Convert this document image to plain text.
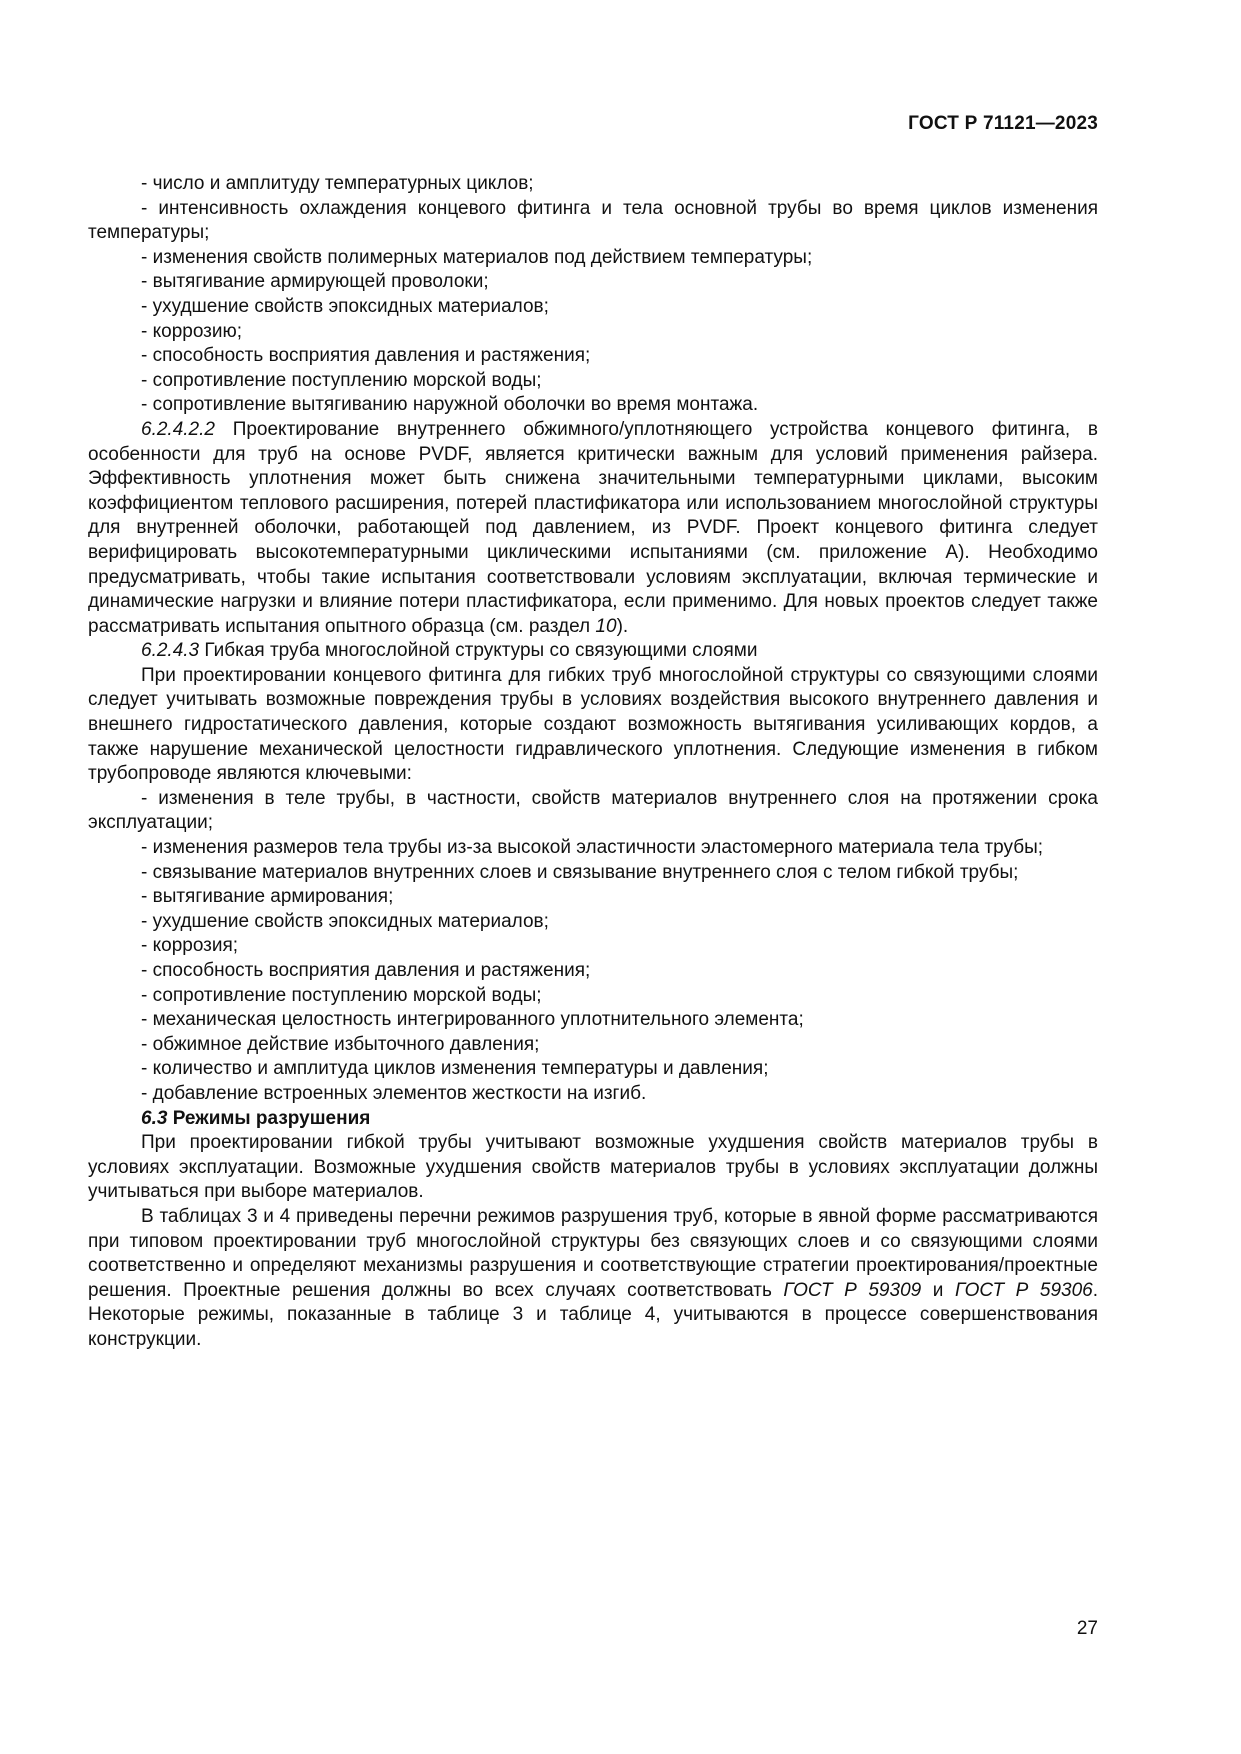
ГОСТ Р 71121—2023

- число и амплитуду температурных циклов;

- интенсивность охлаждения концевого фитинга и тела основной трубы во время циклов изменения температуры;

- изменения свойств полимерных материалов под действием температуры;

- вытягивание армирующей проволоки;

- ухудшение свойств эпоксидных материалов;

- коррозию;

- способность восприятия давления и растяжения;

- сопротивление поступлению морской воды;

- сопротивление вытягиванию наружной оболочки во время монтажа.

6.2.4.2.2 Проектирование внутреннего обжимного/уплотняющего устройства концевого фитинга, в особенности для труб на основе PVDF, является критически важным для условий применения райзера. Эффективность уплотнения может быть снижена значительными температурными циклами, высоким коэффициентом теплового расширения, потерей пластификатора или использованием многослойной структуры для внутренней оболочки, работающей под давлением, из PVDF. Проект концевого фитинга следует верифицировать высокотемпературными циклическими испытаниями (см. приложение А). Необходимо предусматривать, чтобы такие испытания соответствовали условиям эксплуатации, включая термические и динамические нагрузки и влияние потери пластификатора, если применимо. Для новых проектов следует также рассматривать испытания опытного образца (см. раздел 10).

6.2.4.3 Гибкая труба многослойной структуры со связующими слоями

При проектировании концевого фитинга для гибких труб многослойной структуры со связующими слоями следует учитывать возможные повреждения трубы в условиях воздействия высокого внутреннего давления и внешнего гидростатического давления, которые создают возможность вытягивания усиливающих кордов, а также нарушение механической целостности гидравлического уплотнения. Следующие изменения в гибком трубопроводе являются ключевыми:

- изменения в теле трубы, в частности, свойств материалов внутреннего слоя на протяжении срока эксплуатации;

- изменения размеров тела трубы из-за высокой эластичности эластомерного материала тела трубы;

- связывание материалов внутренних слоев и связывание внутреннего слоя с телом гибкой трубы;

- вытягивание армирования;

- ухудшение свойств эпоксидных материалов;

- коррозия;

- способность восприятия давления и растяжения;

- сопротивление поступлению морской воды;

- механическая целостность интегрированного уплотнительного элемента;

- обжимное действие избыточного давления;

- количество и амплитуда циклов изменения температуры и давления;

- добавление встроенных элементов жесткости на изгиб.

6.3 Режимы разрушения

При проектировании гибкой трубы учитывают возможные ухудшения свойств материалов трубы в условиях эксплуатации. Возможные ухудшения свойств материалов трубы в условиях эксплуатации должны учитываться при выборе материалов.

В таблицах 3 и 4 приведены перечни режимов разрушения труб, которые в явной форме рассматриваются при типовом проектировании труб многослойной структуры без связующих слоев и со связующими слоями соответственно и определяют механизмы разрушения и соответствующие стратегии проектирования/проектные решения. Проектные решения должны во всех случаях соответствовать ГОСТ Р 59309 и ГОСТ Р 59306. Некоторые режимы, показанные в таблице 3 и таблице 4, учитываются в процессе совершенствования конструкции.

27
